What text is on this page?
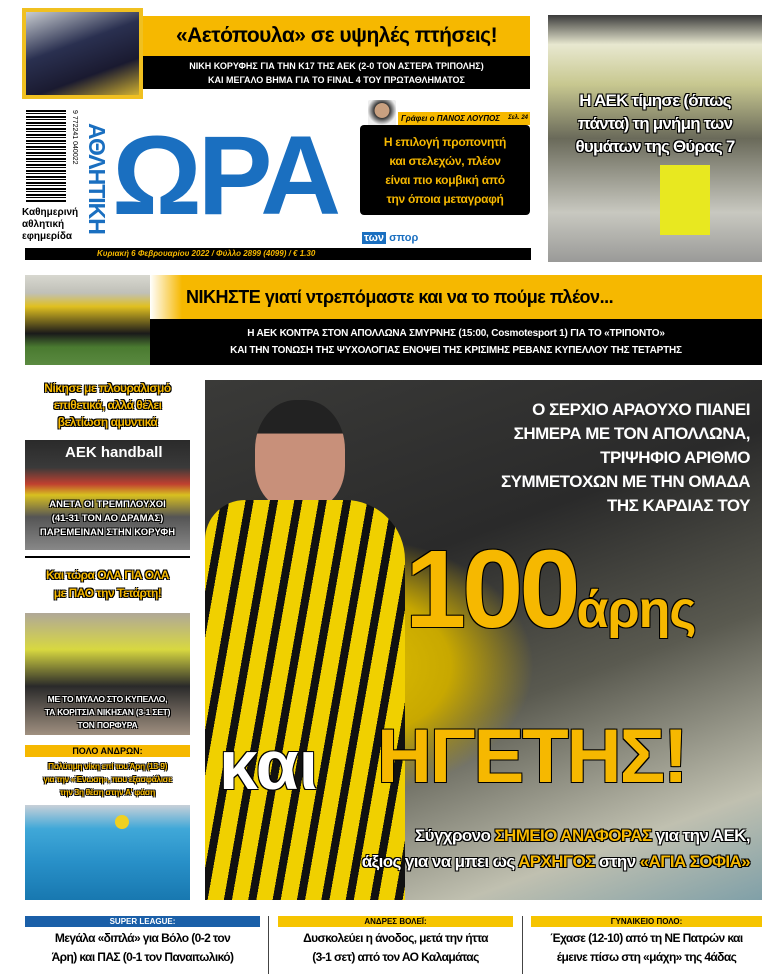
«Αετόπουλα» σε υψηλές πτήσεις!
ΝΙΚΗ ΚΟΡΥΦΗΣ ΓΙΑ ΤΗΝ Κ17 ΤΗΣ ΑΕΚ (2-0 ΤΟΝ ΑΣΤΕΡΑ ΤΡΙΠΟΛΗΣ)
ΚΑΙ ΜΕΓΑΛΟ ΒΗΜΑ ΓΙΑ ΤΟ FINAL 4 ΤΟΥ ΠΡΩΤΑΘΛΗΜΑΤΟΣ
Η ΑΕΚ τίμησε (όπως
πάντα) τη μνήμη των
θυμάτων της Θύρας 7
9 772241 040022 ΑΘΛΗΤΙΚΗ ΩΡΑ	των σπορ
Καθημερινή
αθλητική
εφημερίδα
Κυριακή 6 Φεβρουαρίου 2022 / Φύλλο 2899 (4099) / € 1.30
Γράφει ο ΠΑΝΟΣ ΛΟΥΠΟΣ Σελ. 24
Η επιλογή προπονητή
και στελεχών, πλέον
είναι πιο κομβική από
την όποια μεταγραφή
ΝΙΚΗΣΤΕ γιατί ντρεπόμαστε και να το πούμε πλέον...
Η ΑΕΚ ΚΟΝΤΡΑ ΣΤΟΝ ΑΠΟΛΛΩΝΑ ΣΜΥΡΝΗΣ (15:00, Cosmotesport 1) ΓΙΑ ΤΟ «ΤΡΙΠΟΝΤΟ»
ΚΑΙ ΤΗΝ ΤΟΝΩΣΗ ΤΗΣ ΨΥΧΟΛΟΓΙΑΣ ΕΝΟΨΕΙ ΤΗΣ ΚΡΙΣΙΜΗΣ ΡΕΒΑΝΣ ΚΥΠΕΛΛΟΥ ΤΗΣ ΤΕΤΑΡΤΗΣ
Νίκησε με πλουραλισμό
επιθετικά, αλλά θέλει
βελτίωση αμυντικά
AEK handball
ΑΝΕΤΑ ΟΙ ΤΡΕΜΠΛΟΥΧΟΙ
(41-31 ΤΟΝ ΑΟ ΔΡΑΜΑΣ)
ΠΑΡΕΜΕΙΝΑΝ ΣΤΗΝ ΚΟΡΥΦΗ
Και τώρα ΟΛΑ ΓΙΑ ΟΛΑ
με ΠΑΟ την Τετάρτη!
ΜΕ ΤΟ ΜΥΑΛΟ ΣΤΟ ΚΥΠΕΛΛΟ,
ΤΑ ΚΟΡΙΤΣΙΑ ΝΙΚΗΣΑΝ (3-1 ΣΕΤ)
ΤΟΝ ΠΟΡΦΥΡΑ
ΠΟΛΟ ΑΝΔΡΩΝ:
Πολύτιμη νίκη επί του Άρη (13-9)
για την «Ένωση», που εξασφάλισε
την 3η θέση στην Α' φάση
Ο ΣΕΡΧΙΟ ΑΡΑΟΥΧΟ ΠΙΑΝΕΙ
ΣΗΜΕΡΑ ΜΕ ΤΟΝ ΑΠΟΛΛΩΝΑ,
ΤΡΙΨΗΦΙΟ ΑΡΙΘΜΟ
ΣΥΜΜΕΤΟΧΩΝ ΜΕ ΤΗΝ ΟΜΑΔΑ
ΤΗΣ ΚΑΡΔΙΑΣ ΤΟΥ
100άρης
και ΗΓΕΤΗΣ!
Σύγχρονο ΣΗΜΕΙΟ ΑΝΑΦΟΡΑΣ για την ΑΕΚ,
άξιος για να μπει ως ΑΡΧΗΓΟΣ στην «ΑΓΙΑ ΣΟΦΙΑ»
SUPER LEAGUE:
Μεγάλα «διπλά» για Βόλο (0-2 τον
Άρη) και ΠΑΣ (0-1 τον Παναιτωλικό)
ΑΝΔΡΕΣ ΒΟΛΕΪ:
Δυσκολεύει η άνοδος, μετά την ήττα
(3-1 σετ) από τον ΑΟ Καλαμάτας
ΓΥΝΑΙΚΕΙΟ ΠΟΛΟ:
Έχασε (12-10) από τη ΝΕ Πατρών και
έμεινε πίσω στη «μάχη» της 4άδας
